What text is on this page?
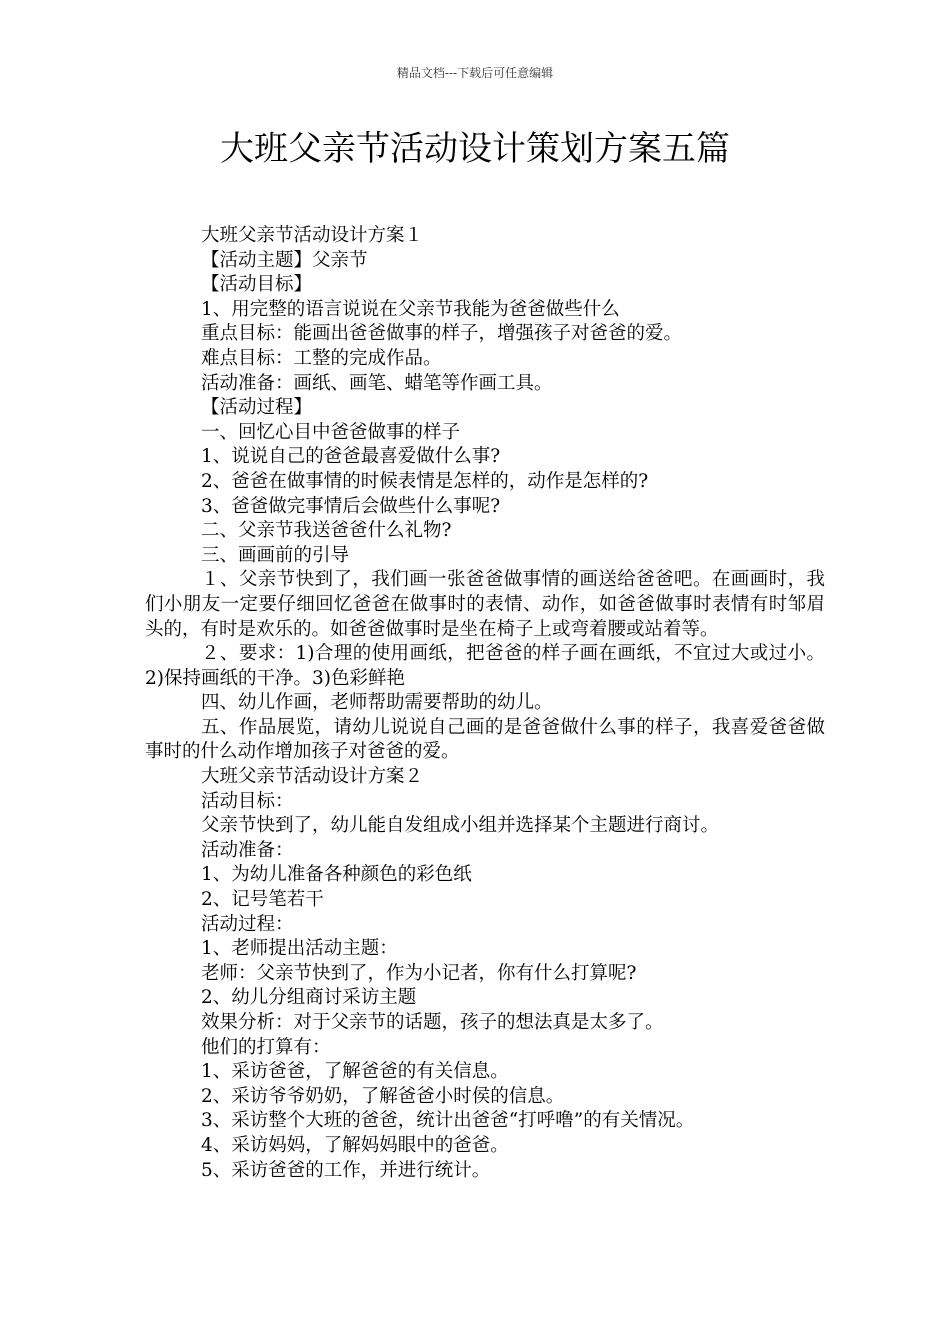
精品文档---下载后可任意编辑
大班父亲节活动设计策划方案五篇

大班父亲节活动设计方案１

【活动主题】父亲节

【活动目标】

1、用完整的语言说说在父亲节我能为爸爸做些什么

重点目标：能画出爸爸做事的样子，增强孩子对爸爸的爱。

难点目标：工整的完成作品。

活动准备：画纸、画笔、蜡笔等作画工具。

【活动过程】

一、回忆心目中爸爸做事的样子

1、说说自己的爸爸最喜爱做什么事?

2、爸爸在做事情的时候表情是怎样的，动作是怎样的?

3、爸爸做完事情后会做些什么事呢?

二、父亲节我送爸爸什么礼物?

三、画画前的引导

１、父亲节快到了，我们画一张爸爸做事情的画送给爸爸吧。在画画时，我们小朋友一定要仔细回忆爸爸在做事时的表情、动作，如爸爸做事时表情有时邹眉头的，有时是欢乐的。如爸爸做事时是坐在椅子上或弯着腰或站着等。

２、要求：1)合理的使用画纸，把爸爸的样子画在画纸，不宜过大或过小。2)保持画纸的干净。3)色彩鲜艳

四、幼儿作画，老师帮助需要帮助的幼儿。

五、作品展览，请幼儿说说自己画的是爸爸做什么事的样子，我喜爱爸爸做事时的什么动作增加孩子对爸爸的爱。

大班父亲节活动设计方案２

活动目标：

父亲节快到了，幼儿能自发组成小组并选择某个主题进行商讨。

活动准备：

1、为幼儿准备各种颜色的彩色纸

2、记号笔若干

活动过程：

1、老师提出活动主题：

老师：父亲节快到了，作为小记者，你有什么打算呢?

2、幼儿分组商讨采访主题

效果分析：对于父亲节的话题，孩子的想法真是太多了。

他们的打算有：

1、采访爸爸，了解爸爸的有关信息。

2、采访爷爷奶奶，了解爸爸小时侯的信息。

3、采访整个大班的爸爸，统计出爸爸“打呼噜”的有关情况。

4、采访妈妈，了解妈妈眼中的爸爸。

5、采访爸爸的工作，并进行统计。
